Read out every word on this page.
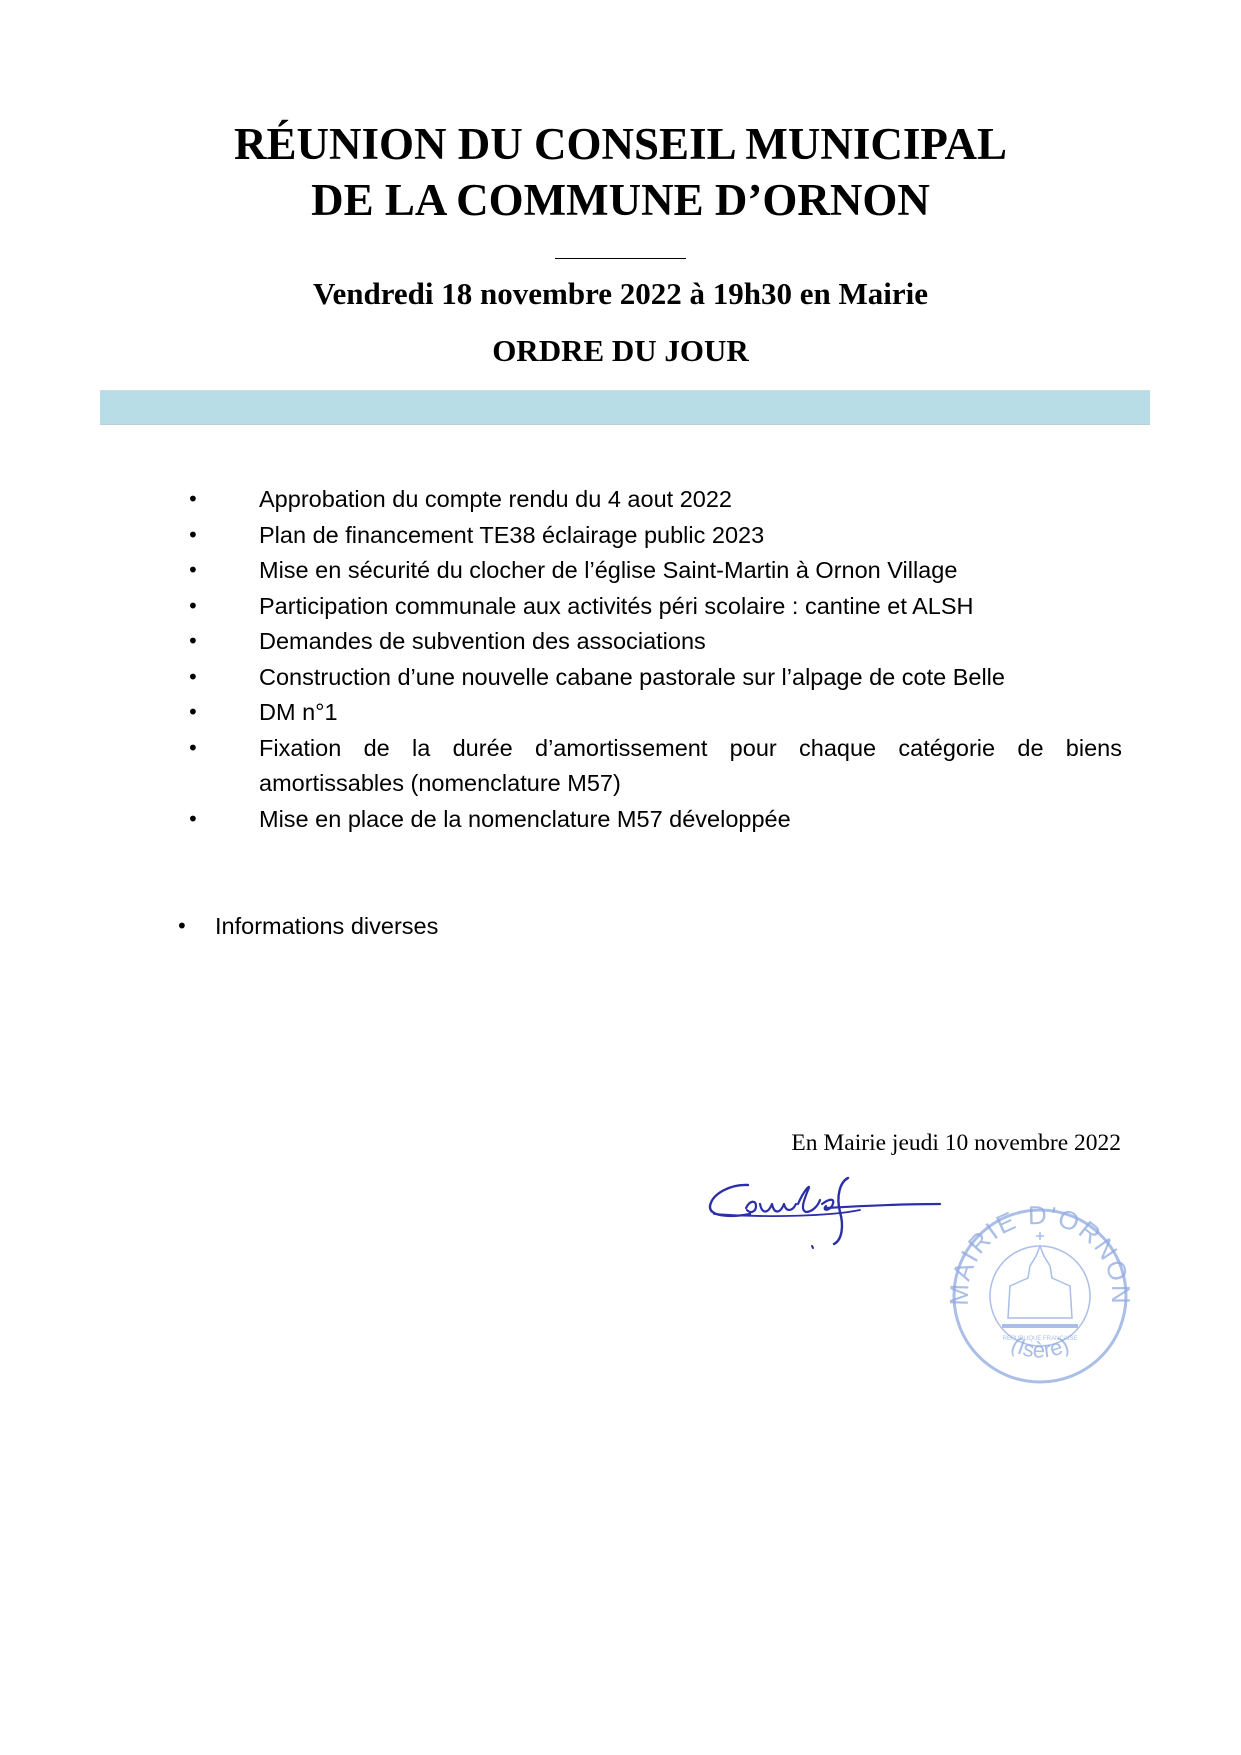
RÉUNION DU CONSEIL MUNICIPAL
DE LA COMMUNE D’ORNON
Vendredi 18 novembre 2022 à 19h30 en Mairie
ORDRE DU JOUR
•	Approbation du compte rendu du 4 aout 2022
•	Plan de financement TE38 éclairage public 2023
•	Mise en sécurité du clocher de l’église Saint-Martin à Ornon Village
•	Participation communale aux activités péri scolaire : cantine et ALSH
•	Demandes de subvention des associations
•	Construction d’une nouvelle cabane pastorale sur l’alpage de cote Belle
•	DM n°1
•	Fixation de la durée d’amortissement pour chaque catégorie de biens amortissables (nomenclature M57)
•	Mise en place de la nomenclature M57 développée
• Informations diverses
En Mairie jeudi 10 novembre 2022
MAIRIE D'ORNON
(Isère)
RÉPUBLIQUE FRANÇAISE
